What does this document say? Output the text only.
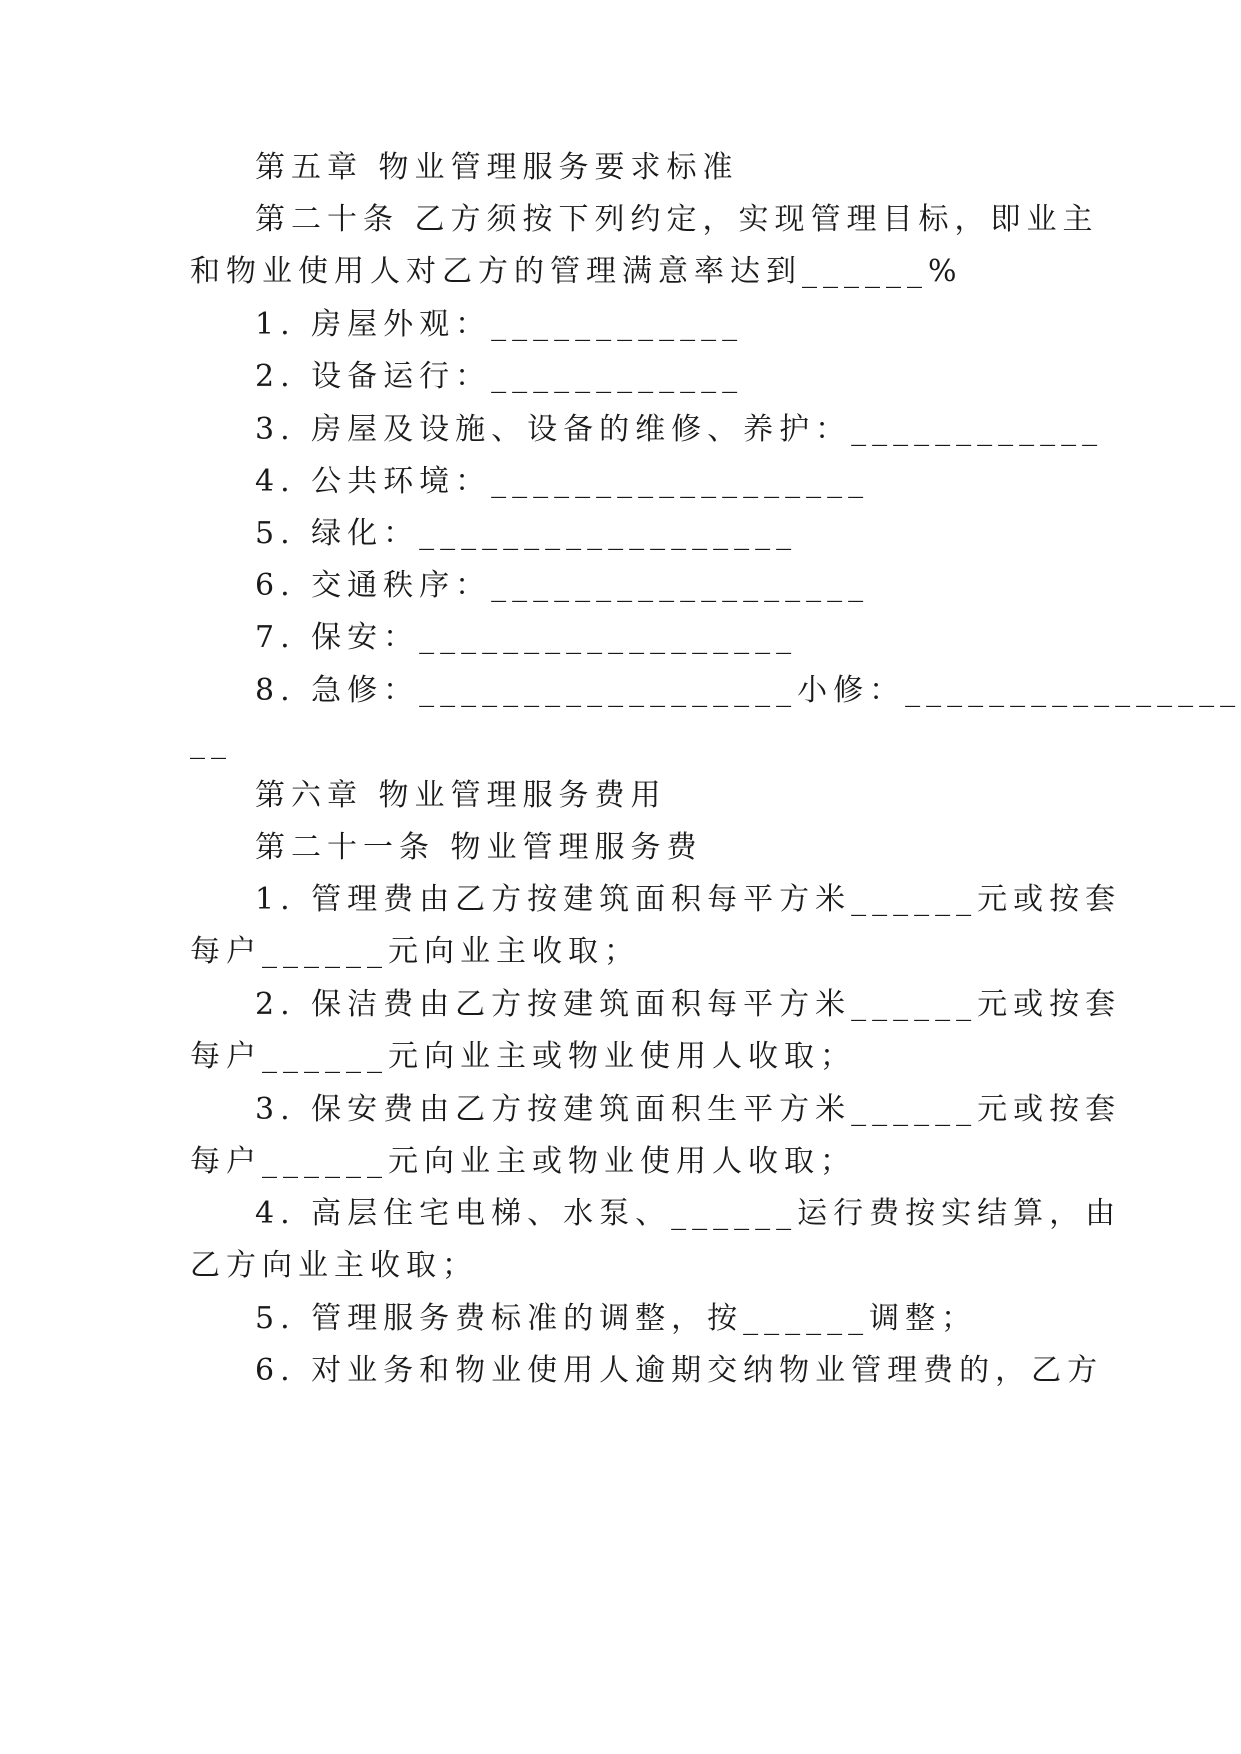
第五章 物业管理服务要求标准
第二十条 乙方须按下列约定，实现管理目标，即业主
和物业使用人对乙方的管理满意率达到______%
1. 房屋外观：____________
2. 设备运行：____________
3. 房屋及设施、设备的维修、养护：____________
4. 公共环境：__________________
5. 绿化：__________________
6. 交通秩序：__________________
7. 保安：__________________
8. 急修：__________________小修：________________
__
第六章 物业管理服务费用
第二十一条 物业管理服务费
1. 管理费由乙方按建筑面积每平方米______元或按套
每户______元向业主收取；
2. 保洁费由乙方按建筑面积每平方米______元或按套
每户______元向业主或物业使用人收取；
3. 保安费由乙方按建筑面积生平方米______元或按套
每户______元向业主或物业使用人收取；
4. 高层住宅电梯、水泵、______运行费按实结算，由
乙方向业主收取；
5. 管理服务费标准的调整，按______调整；
6. 对业务和物业使用人逾期交纳物业管理费的，乙方
